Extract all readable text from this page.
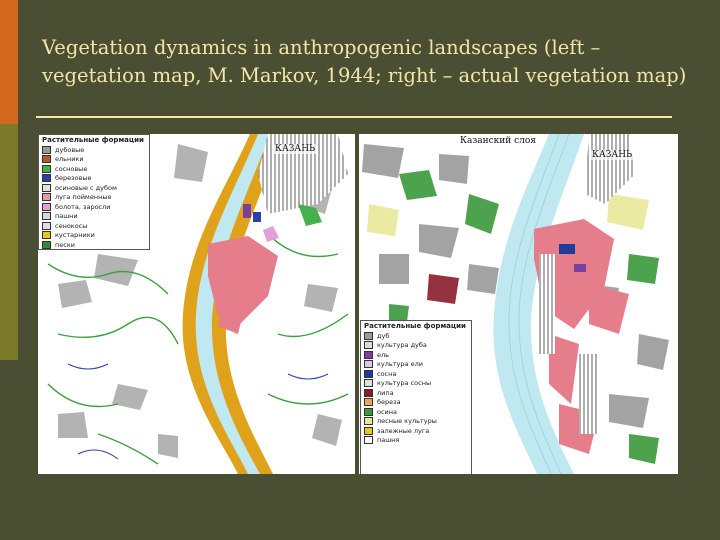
Vegetation dynamics in anthropogenic landscapes (left – vegetation map, M. Markov, 1944; right – actual vegetation map)
Растительные формации
дубовые
ельники
сосновые
березовые
осиновые с дубом
луга пойменные
болота, заросли
пашни
сенокосы
кустарники
пески
КАЗАНЬ
Казанский слоя
КАЗАНЬ
Растительные формации
дуб
культура дуба
ель
культура ели
сосна
культура сосны
липа
береза
осина
лесные культуры
залежные луга
пашня
